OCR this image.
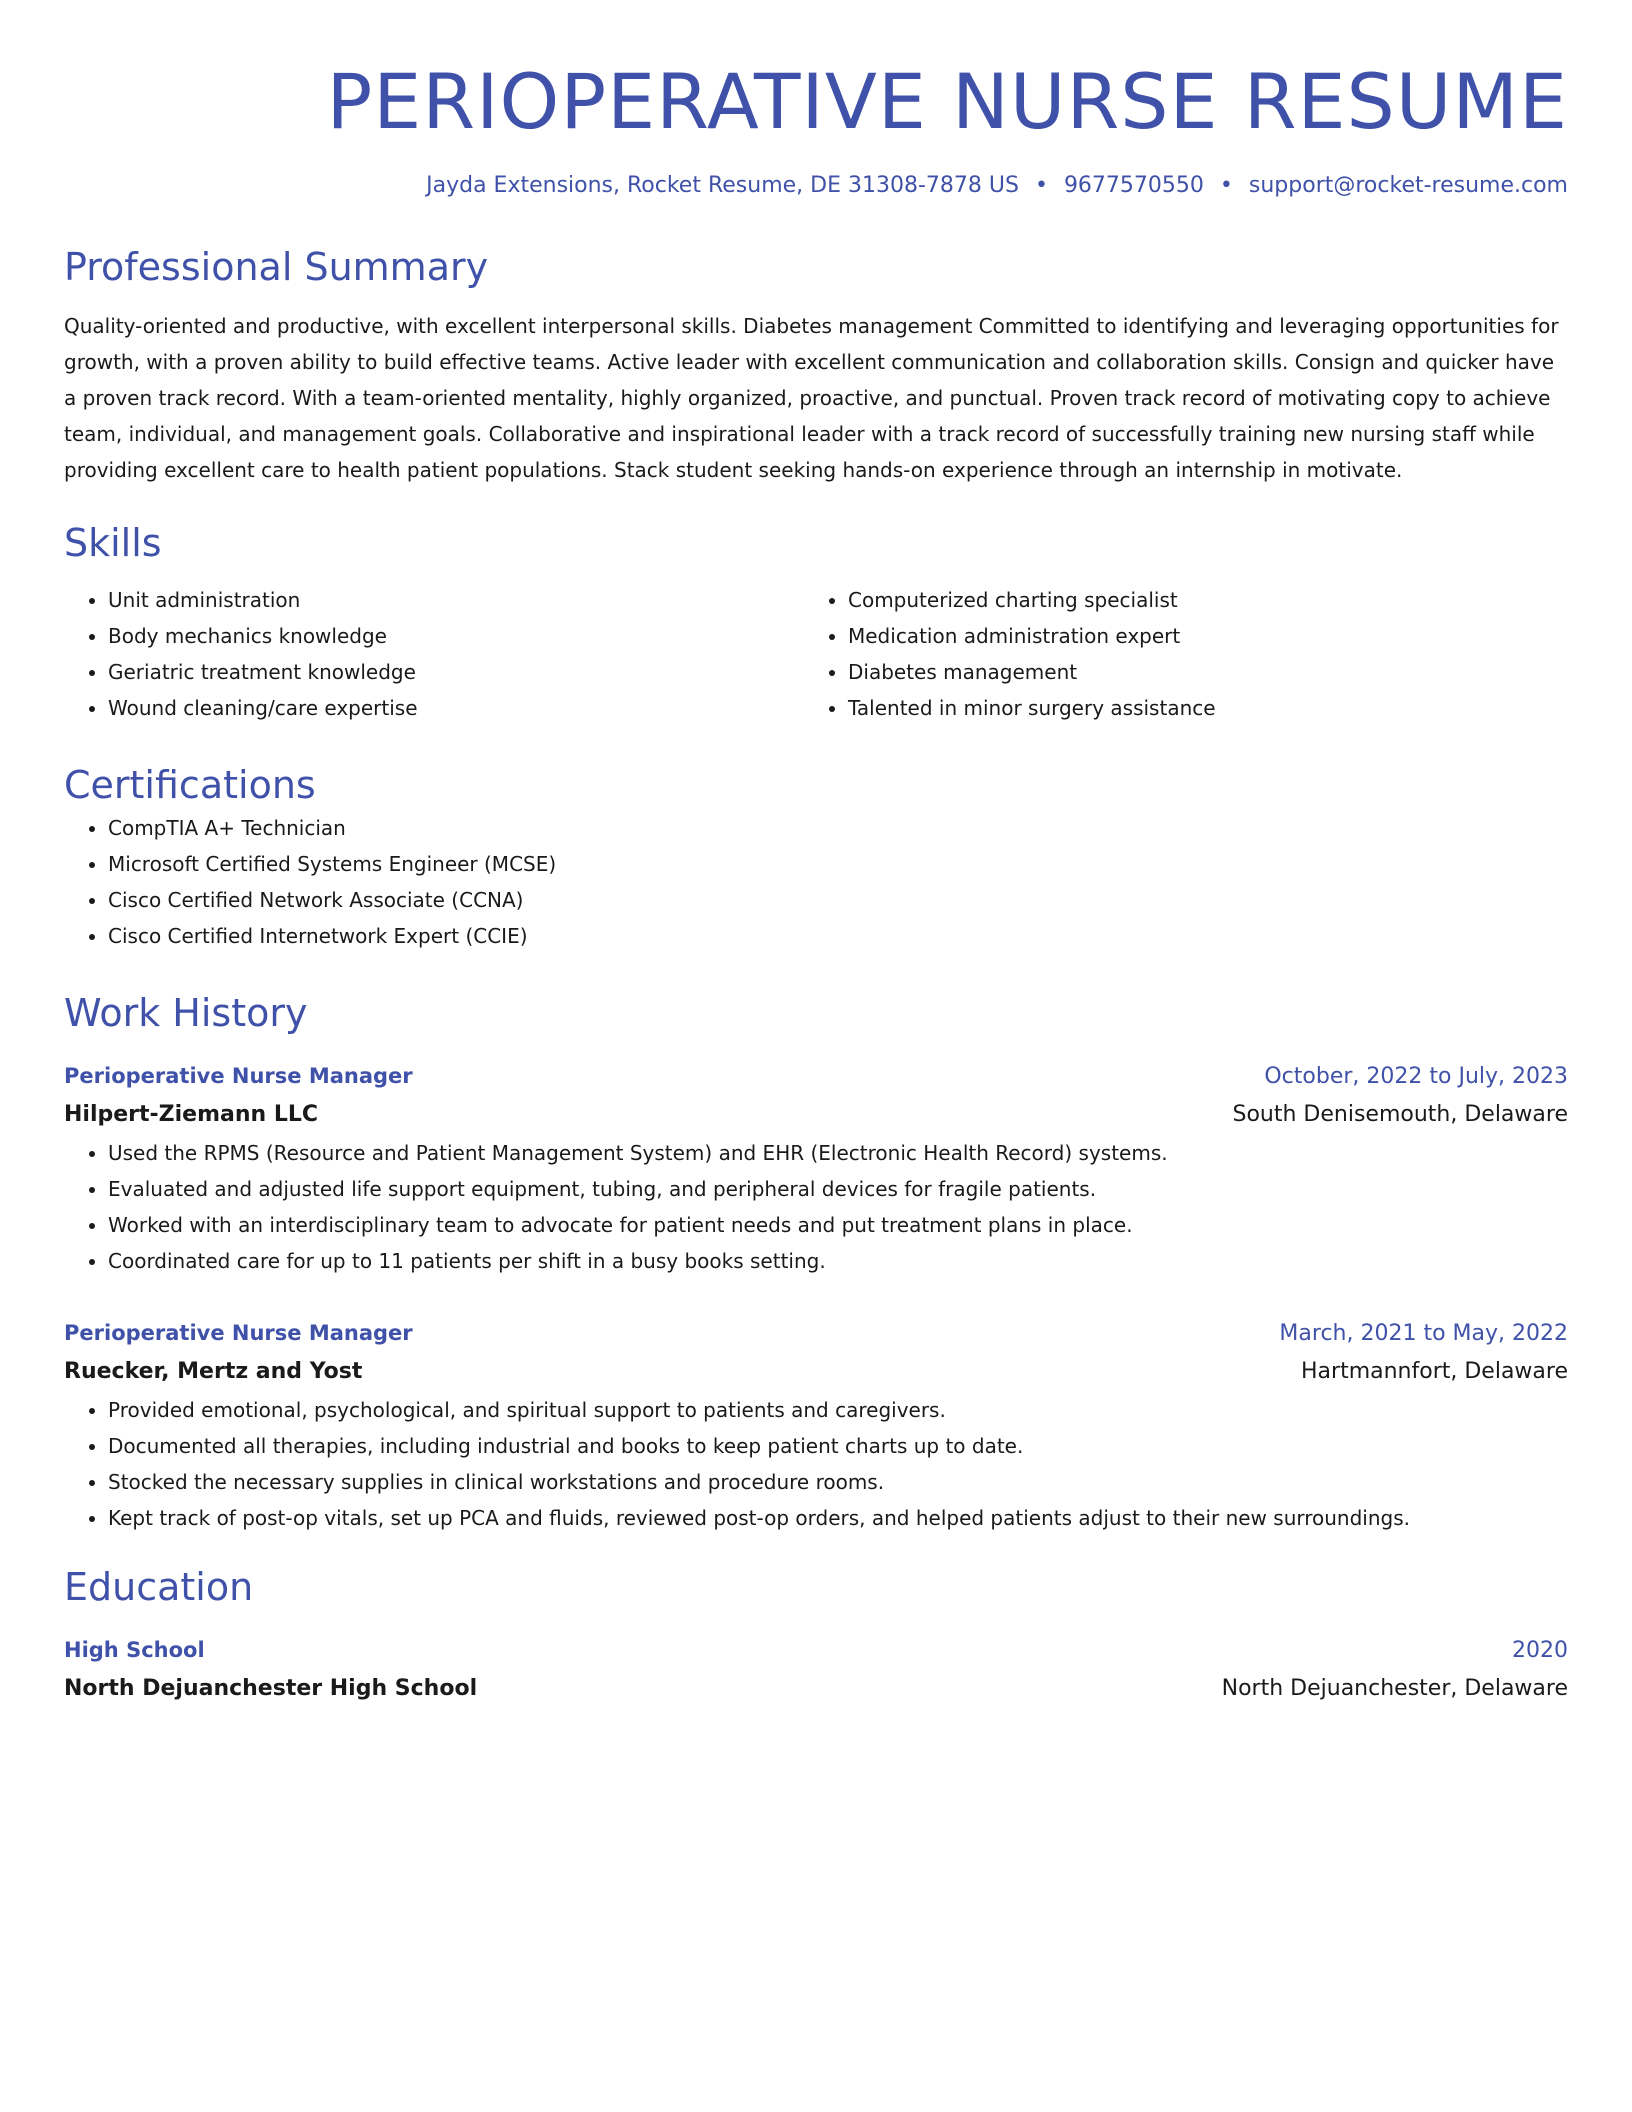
PERIOPERATIVE NURSE RESUME
Jayda Extensions, Rocket Resume, DE 31308-7878 US • 9677570550 • support@rocket-resume.com
Professional Summary

Quality-oriented and productive, with excellent interpersonal skills. Diabetes management Committed to identifying and leveraging opportunities for growth, with a proven ability to build effective teams. Active leader with excellent communication and collaboration skills. Consign and quicker have a proven track record. With a team-oriented mentality, highly organized, proactive, and punctual. Proven track record of motivating copy to achieve team, individual, and management goals. Collaborative and inspirational leader with a track record of successfully training new nursing staff while providing excellent care to health patient populations. Stack student seeking hands-on experience through an internship in motivate.

Skills
• Unit administration
• Body mechanics knowledge
• Geriatric treatment knowledge
• Wound cleaning/care expertise
• Computerized charting specialist
• Medication administration expert
• Diabetes management
• Talented in minor surgery assistance
Certifications
• CompTIA A+ Technician
• Microsoft Certified Systems Engineer (MCSE)
• Cisco Certified Network Associate (CCNA)
• Cisco Certified Internetwork Expert (CCIE)
Work History
Perioperative Nurse Manager	October, 2022 to July, 2023
Hilpert-Ziemann LLC	South Denisemouth, Delaware
• Used the RPMS (Resource and Patient Management System) and EHR (Electronic Health Record) systems.
• Evaluated and adjusted life support equipment, tubing, and peripheral devices for fragile patients.
• Worked with an interdisciplinary team to advocate for patient needs and put treatment plans in place.
• Coordinated care for up to 11 patients per shift in a busy books setting.
Perioperative Nurse Manager	March, 2021 to May, 2022
Ruecker, Mertz and Yost	Hartmannfort, Delaware
• Provided emotional, psychological, and spiritual support to patients and caregivers.
• Documented all therapies, including industrial and books to keep patient charts up to date.
• Stocked the necessary supplies in clinical workstations and procedure rooms.
• Kept track of post-op vitals, set up PCA and fluids, reviewed post-op orders, and helped patients adjust to their new surroundings.
Education
High School	2020
North Dejuanchester High School	North Dejuanchester, Delaware
